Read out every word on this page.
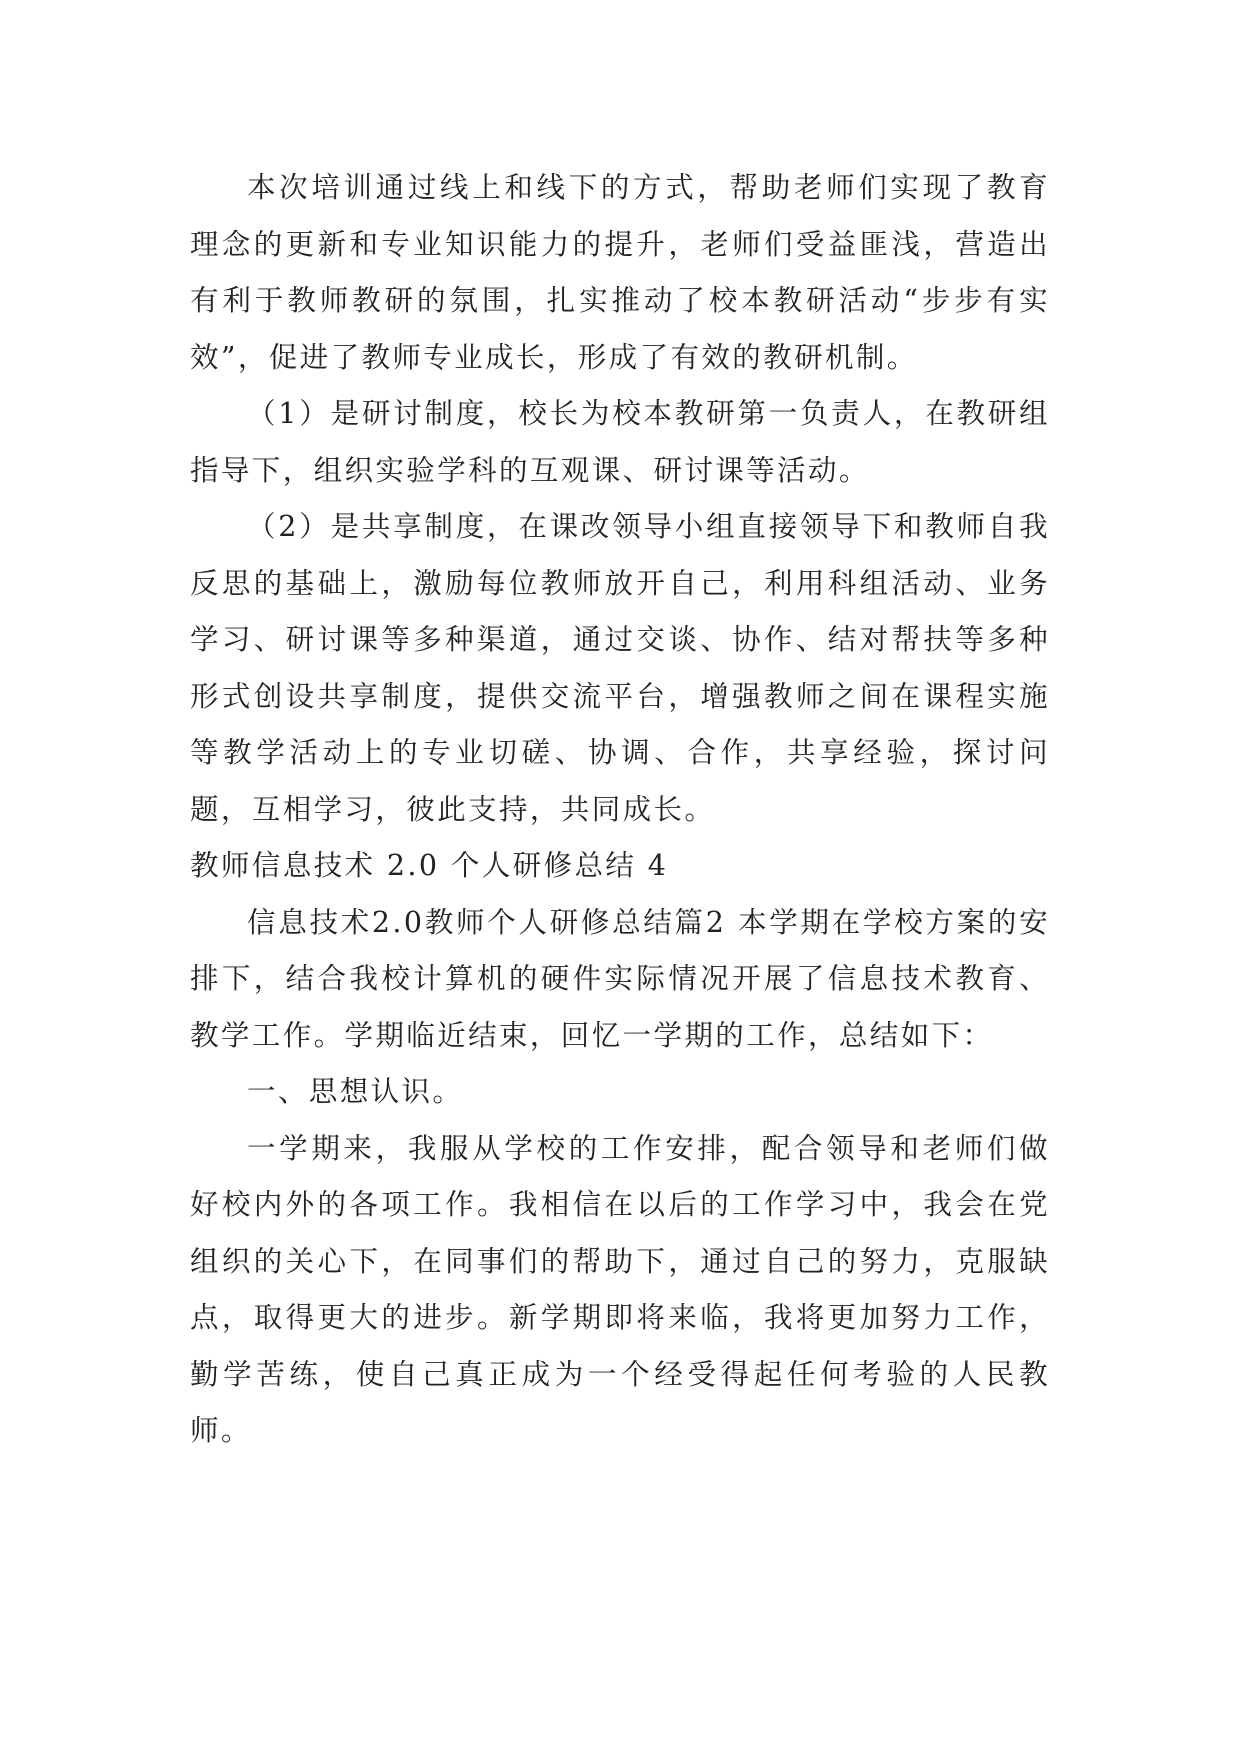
本次培训通过线上和线下的方式，帮助老师们实现了教育理念的更新和专业知识能力的提升，老师们受益匪浅，营造出有利于教师教研的氛围，扎实推动了校本教研活动“步步有实效”，促进了教师专业成长，形成了有效的教研机制。

（1）是研讨制度，校长为校本教研第一负责人，在教研组指导下，组织实验学科的互观课、研讨课等活动。

（2）是共享制度，在课改领导小组直接领导下和教师自我反思的基础上，激励每位教师放开自己，利用科组活动、业务学习、研讨课等多种渠道，通过交谈、协作、结对帮扶等多种形式创设共享制度，提供交流平台，增强教师之间在课程实施等教学活动上的专业切磋、协调、合作，共享经验，探讨问题，互相学习，彼此支持，共同成长。

教师信息技术 2.0 个人研修总结 4

信息技术2.0教师个人研修总结篇2 本学期在学校方案的安排下，结合我校计算机的硬件实际情况开展了信息技术教育、教学工作。学期临近结束，回忆一学期的工作，总结如下：

一、思想认识。

一学期来，我服从学校的工作安排，配合领导和老师们做好校内外的各项工作。我相信在以后的工作学习中，我会在党组织的关心下，在同事们的帮助下，通过自己的努力，克服缺点，取得更大的进步。新学期即将来临，我将更加努力工作，勤学苦练，使自己真正成为一个经受得起任何考验的人民教师。
